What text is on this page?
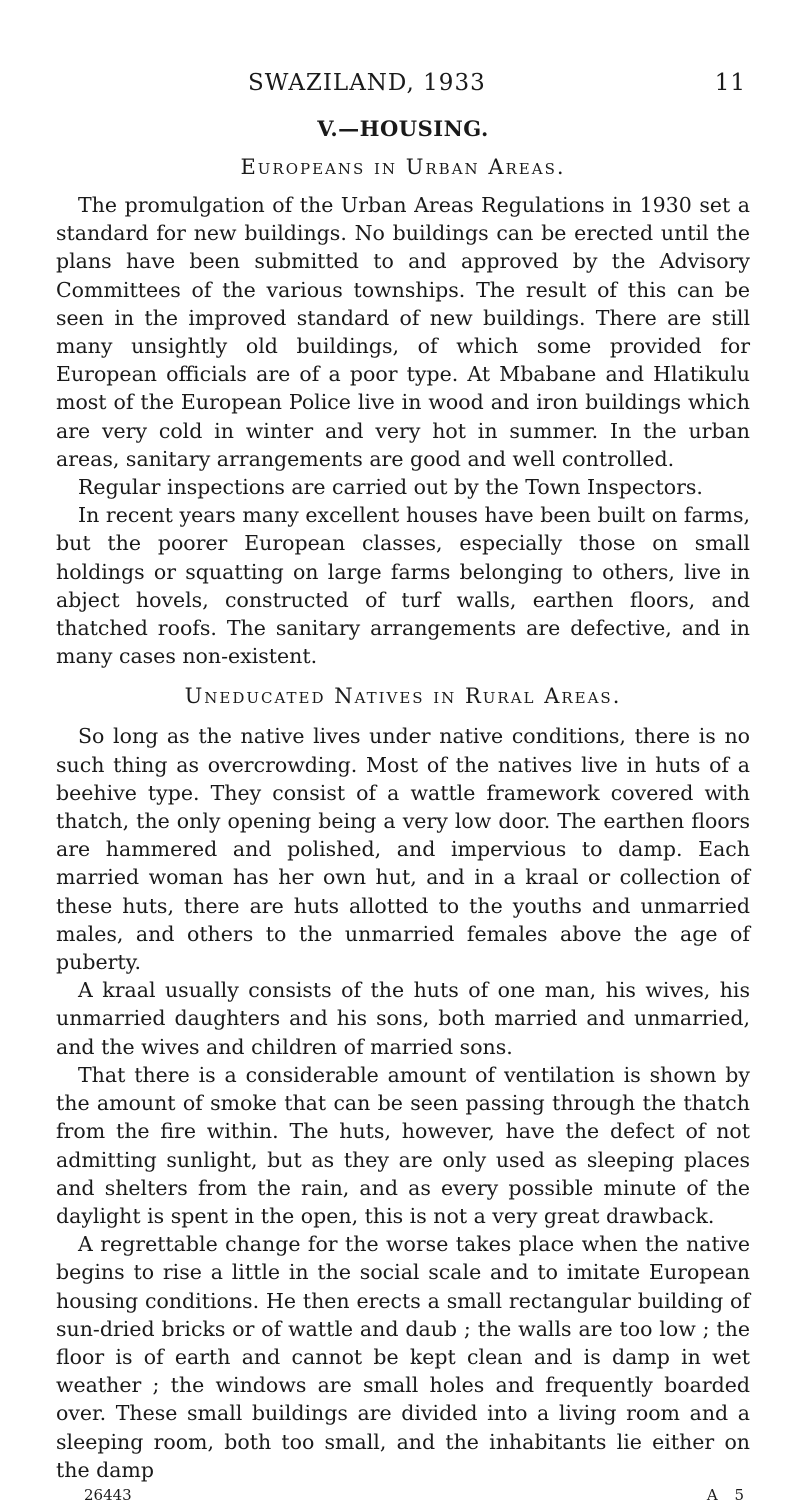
SWAZILAND, 1933	11
V.—HOUSING.
Europeans in Urban Areas.

The promulgation of the Urban Areas Regulations in 1930 set a standard for new buildings. No buildings can be erected until the plans have been submitted to and approved by the Advisory Committees of the various townships. The result of this can be seen in the improved standard of new buildings. There are still many unsightly old buildings, of which some provided for European officials are of a poor type. At Mbabane and Hlatikulu most of the European Police live in wood and iron buildings which are very cold in winter and very hot in summer. In the urban areas, sanitary arrangements are good and well controlled.

Regular inspections are carried out by the Town Inspectors.

In recent years many excellent houses have been built on farms, but the poorer European classes, especially those on small holdings or squatting on large farms belonging to others, live in abject hovels, constructed of turf walls, earthen floors, and thatched roofs. The sanitary arrangements are defective, and in many cases non-existent.

Uneducated Natives in Rural Areas.

So long as the native lives under native conditions, there is no such thing as overcrowding. Most of the natives live in huts of a beehive type. They consist of a wattle framework covered with thatch, the only opening being a very low door. The earthen floors are hammered and polished, and impervious to damp. Each married woman has her own hut, and in a kraal or collection of these huts, there are huts allotted to the youths and unmarried males, and others to the unmarried females above the age of puberty.

A kraal usually consists of the huts of one man, his wives, his unmarried daughters and his sons, both married and unmarried, and the wives and children of married sons.

That there is a considerable amount of ventilation is shown by the amount of smoke that can be seen passing through the thatch from the fire within. The huts, however, have the defect of not admitting sunlight, but as they are only used as sleeping places and shelters from the rain, and as every possible minute of the daylight is spent in the open, this is not a very great drawback.

A regrettable change for the worse takes place when the native begins to rise a little in the social scale and to imitate European housing conditions. He then erects a small rectangular building of sun-dried bricks or of wattle and daub ; the walls are too low ; the floor is of earth and cannot be kept clean and is damp in wet weather ; the windows are small holes and frequently boarded over. These small buildings are divided into a living room and a sleeping room, both too small, and the inhabitants lie either on the damp

26443	A 5
